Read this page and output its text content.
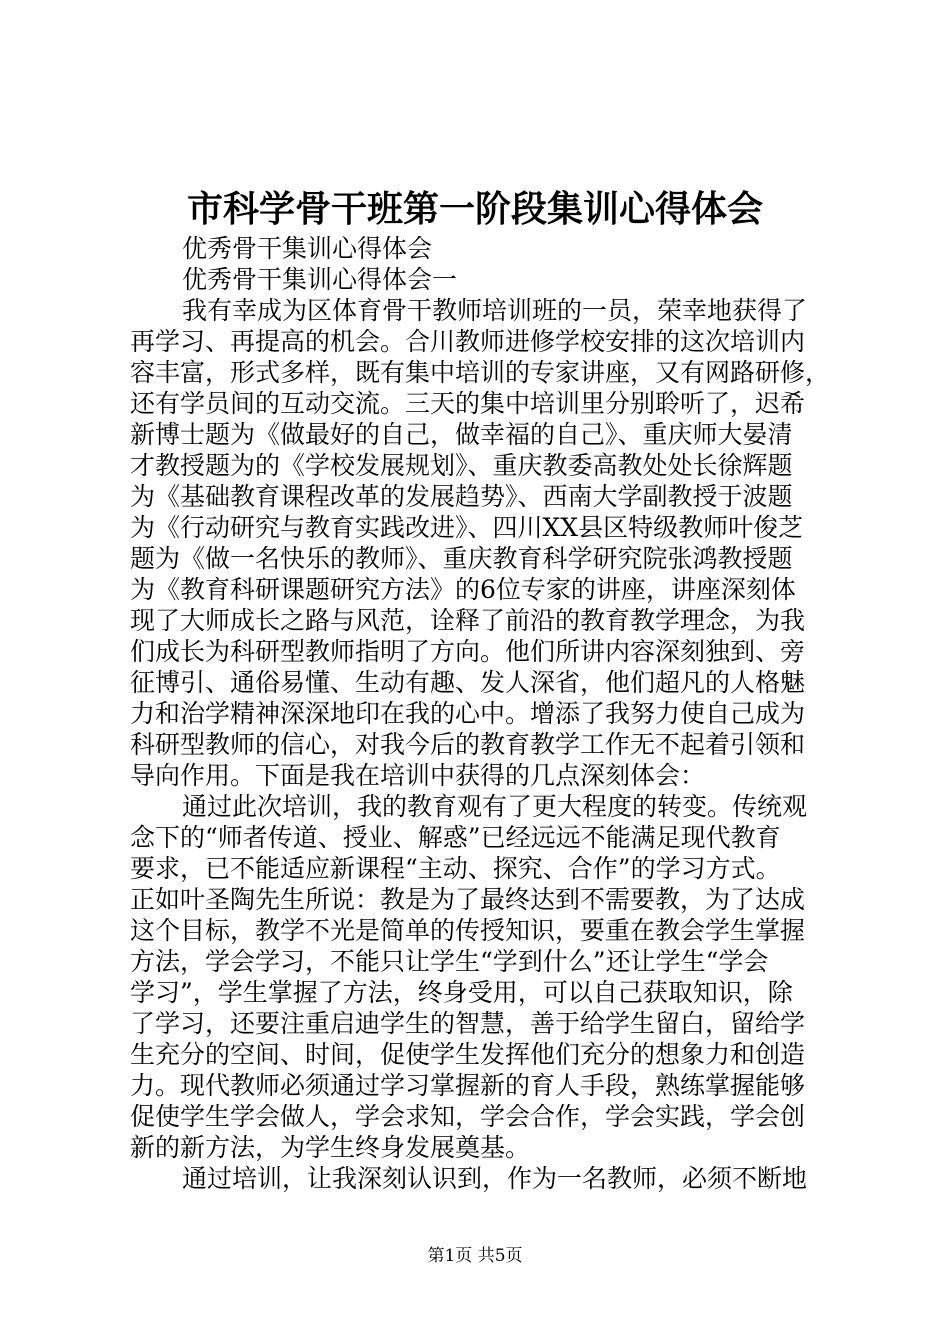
市科学骨干班第一阶段集训心得体会
优秀骨干集训心得体会
优秀骨干集训心得体会一
我有幸成为区体育骨干教师培训班的一员，荣幸地获得了
再学习、再提高的机会。合川教师进修学校安排的这次培训内
容丰富，形式多样，既有集中培训的专家讲座，又有网路研修，
还有学员间的互动交流。三天的集中培训里分别聆听了，迟希
新博士题为《做最好的自己，做幸福的自己》、重庆师大晏清
才教授题为的《学校发展规划》、重庆教委高教处处长徐辉题
为《基础教育课程改革的发展趋势》、西南大学副教授于波题
为《行动研究与教育实践改进》、四川XX县区特级教师叶俊芝
题为《做一名快乐的教师》、重庆教育科学研究院张鸿教授题
为《教育科研课题研究方法》的6位专家的讲座，讲座深刻体
现了大师成长之路与风范，诠释了前沿的教育教学理念，为我
们成长为科研型教师指明了方向。他们所讲内容深刻独到、旁
征博引、通俗易懂、生动有趣、发人深省，他们超凡的人格魅
力和治学精神深深地印在我的心中。增添了我努力使自己成为
科研型教师的信心，对我今后的教育教学工作无不起着引领和
导向作用。下面是我在培训中获得的几点深刻体会：
通过此次培训，我的教育观有了更大程度的转变。传统观
念下的“师者传道、授业、解惑”已经远远不能满足现代教育
要求，已不能适应新课程“主动、探究、合作”的学习方式。
正如叶圣陶先生所说：教是为了最终达到不需要教，为了达成
这个目标，教学不光是简单的传授知识，要重在教会学生掌握
方法，学会学习，不能只让学生“学到什么”还让学生“学会
学习”，学生掌握了方法，终身受用，可以自己获取知识，除
了学习，还要注重启迪学生的智慧，善于给学生留白，留给学
生充分的空间、时间，促使学生发挥他们充分的想象力和创造
力。现代教师必须通过学习掌握新的育人手段，熟练掌握能够
促使学生学会做人，学会求知，学会合作，学会实践，学会创
新的新方法，为学生终身发展奠基。
通过培训，让我深刻认识到，作为一名教师，必须不断地
第1页 共5页
